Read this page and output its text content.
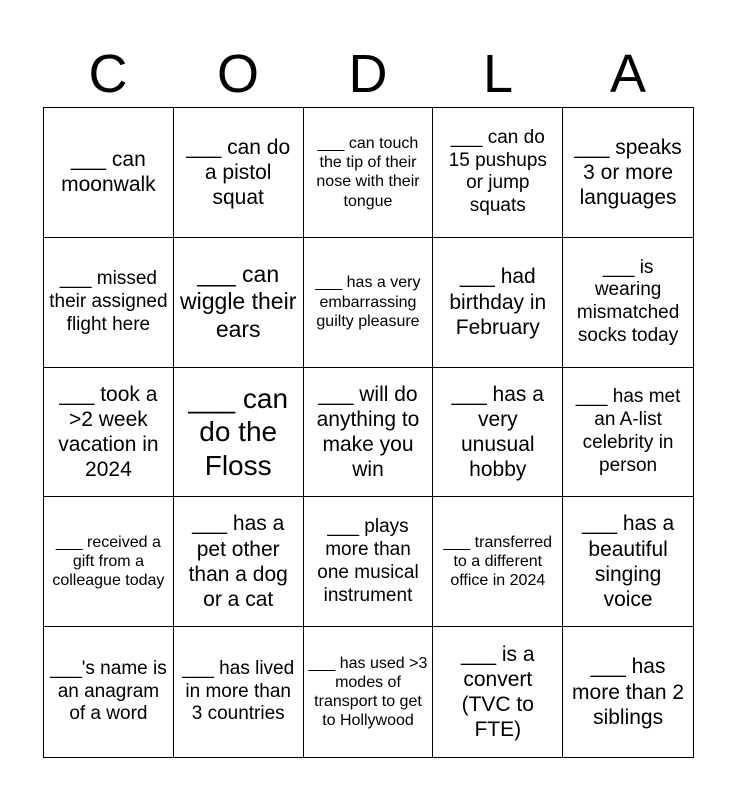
C	O	D	L	A
___ can moonwalk
___ can do a pistol squat
___ can touch the tip of their nose with their tongue
___ can do 15 pushups or jump squats
___ speaks 3 or more languages
___ missed their assigned flight here
___ can wiggle their ears
___ has a very embarrassing guilty pleasure
___ had birthday in February
___ is wearing mismatched socks today
___ took a >2 week vacation in 2024
___ can do the Floss
___ will do anything to make you win
___ has a very unusual hobby
___ has met an A-list celebrity in person
___ received a gift from a colleague today
___ has a pet other than a dog or a cat
___ plays more than one musical instrument
___ transferred to a different office in 2024
___ has a beautiful singing voice
___'s name is an anagram of a word
___ has lived in more than 3 countries
___ has used >3 modes of transport to get to Hollywood
___ is a convert (TVC to FTE)
___ has more than 2 siblings
